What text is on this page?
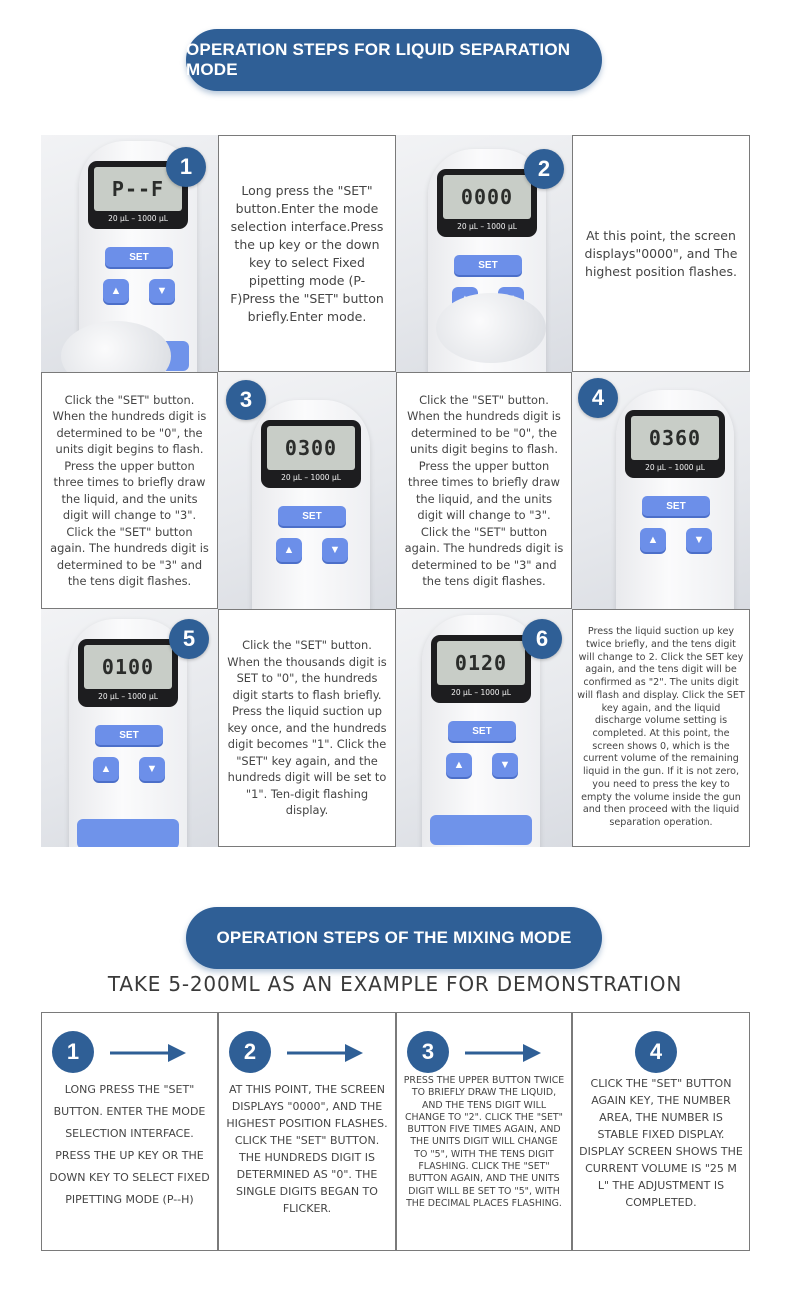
OPERATION STEPS FOR LIQUID SEPARATION MODE
1
P--F
20 μL – 1000 μL
SET
▲	▼
Long press the "SET" button.Enter the mode selection interface.Press the up key or the down key to select Fixed pipetting mode (P-F)Press the "SET" button briefly.Enter mode.
2
0000
20 μL – 1000 μL
SET
At this point, the screen displays"0000", and The highest position flashes.
Click the "SET" button. When the hundreds digit is determined to be "0", the units digit begins to flash. Press the upper button three times to briefly draw the liquid, and the units digit will change to "3". Click the "SET" button again. The hundreds digit is determined to be "3" and the tens digit flashes.
3
0300
20 μL – 1000 μL
SET
▲	▼
Click the "SET" button. When the hundreds digit is determined to be "0", the units digit begins to flash. Press the upper button three times to briefly draw the liquid, and the units digit will change to "3". Click the "SET" button again. The hundreds digit is determined to be "3" and the tens digit flashes.
4
0360
20 μL – 1000 μL
SET
▲	▼
5
0100
20 μL – 1000 μL
SET
▲	▼
Click the "SET" button. When the thousands digit is SET to "0", the hundreds digit starts to flash briefly. Press the liquid suction up key once, and the hundreds digit becomes "1". Click the "SET" key again, and the hundreds digit will be set to "1". Ten-digit flashing display.
6
0120
20 μL – 1000 μL
SET
▲	▼
Press the liquid suction up key twice briefly, and the tens digit will change to 2. Click the SET key again, and the tens digit will be confirmed as "2". The units digit will flash and display. Click the SET key again, and the liquid discharge volume setting is completed. At this point, the screen shows 0, which is the current volume of the remaining liquid in the gun. If it is not zero, you need to press the key to empty the volume inside the gun and then proceed with the liquid separation operation.
OPERATION STEPS OF THE MIXING MODE
TAKE 5-200ML AS AN EXAMPLE FOR DEMONSTRATION
1
LONG PRESS THE "SET" BUTTON. ENTER THE MODE SELECTION INTERFACE. PRESS THE UP KEY OR THE DOWN KEY TO SELECT FIXED PIPETTING MODE (P--H)
2
AT THIS POINT, THE SCREEN DISPLAYS "0000", AND THE HIGHEST POSITION FLASHES. CLICK THE "SET" BUTTON. THE HUNDREDS DIGIT IS DETERMINED AS "0". THE SINGLE DIGITS BEGAN TO FLICKER.
3
PRESS THE UPPER BUTTON TWICE TO BRIEFLY DRAW THE LIQUID, AND THE TENS DIGIT WILL CHANGE TO "2". CLICK THE "SET" BUTTON FIVE TIMES AGAIN, AND THE UNITS DIGIT WILL CHANGE TO "5", WITH THE TENS DIGIT FLASHING. CLICK THE "SET" BUTTON AGAIN, AND THE UNITS DIGIT WILL BE SET TO "5", WITH THE DECIMAL PLACES FLASHING.
4
CLICK THE "SET" BUTTON AGAIN KEY, THE NUMBER AREA, THE NUMBER IS STABLE FIXED DISPLAY. DISPLAY SCREEN SHOWS THE CURRENT VOLUME IS "25 M L" THE ADJUSTMENT IS COMPLETED.
